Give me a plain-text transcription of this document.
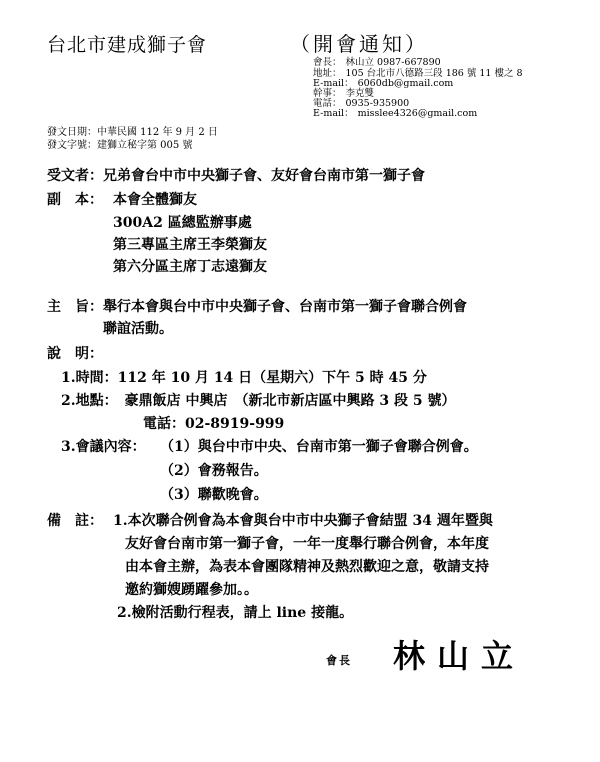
台北市建成獅子會	（開會通知）
會長： 林山立 0987-667890
地址： 105 台北市八德路三段 186 號 11 樓之 8
E-mail： 6060db@gmail.com
幹事： 李克雙
電話： 0935-935900
E-mail： misslee4326@gmail.com
發文日期：中華民國 112 年 9 月 2 日
發文字號：建獅立秘字第 005 號
受文者：兄弟會台中市中央獅子會、友好會台南市第一獅子會
副　本： 本會全體獅友
300A2 區總監辦事處
第三專區主席王李榮獅友
第六分區主席丁志遠獅友
主　旨：舉行本會與台中市中央獅子會、台南市第一獅子會聯合例會
聯誼活動。
說　明：
1.時間：112 年 10 月 14 日（星期六）下午 5 時 45 分
2.地點：　豪鼎飯店 中興店　（新北市新店區中興路 3 段 5 號）
電話：02-8919-999
3.會議內容： （1）與台中市中央、台南市第一獅子會聯合例會。
（2）會務報告。
（3）聯歡晚會。
備　註： 1.本次聯合例會為本會與台中市中央獅子會結盟 34 週年暨與
友好會台南市第一獅子會，一年一度舉行聯合例會，本年度
由本會主辦，為表本會團隊精神及熱烈歡迎之意，敬請支持
邀約獅嫂踴躍參加。。
2.檢附活動行程表，請上 line 接龍。
會長 林山立
